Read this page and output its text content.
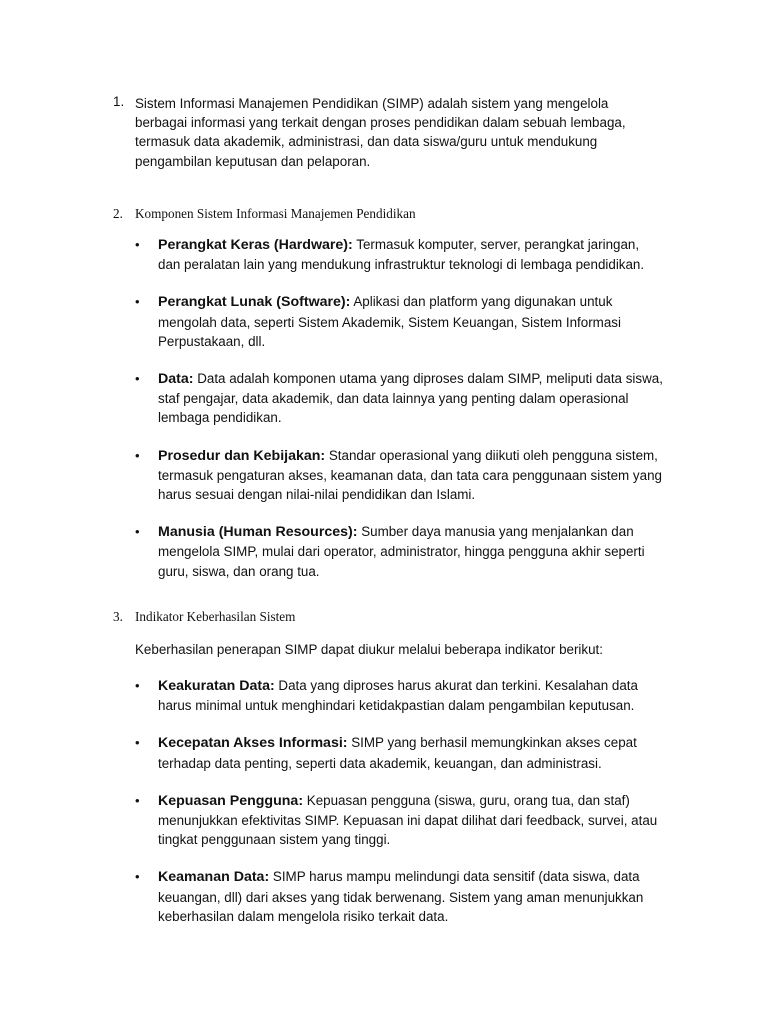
1. Sistem Informasi Manajemen Pendidikan (SIMP) adalah sistem yang mengelola berbagai informasi yang terkait dengan proses pendidikan dalam sebuah lembaga, termasuk data akademik, administrasi, dan data siswa/guru untuk mendukung pengambilan keputusan dan pelaporan.
2. Komponen Sistem Informasi Manajemen Pendidikan
• Perangkat Keras (Hardware): Termasuk komputer, server, perangkat jaringan, dan peralatan lain yang mendukung infrastruktur teknologi di lembaga pendidikan.
• Perangkat Lunak (Software): Aplikasi dan platform yang digunakan untuk mengolah data, seperti Sistem Akademik, Sistem Keuangan, Sistem Informasi Perpustakaan, dll.
• Data: Data adalah komponen utama yang diproses dalam SIMP, meliputi data siswa, staf pengajar, data akademik, dan data lainnya yang penting dalam operasional lembaga pendidikan.
• Prosedur dan Kebijakan: Standar operasional yang diikuti oleh pengguna sistem, termasuk pengaturan akses, keamanan data, dan tata cara penggunaan sistem yang harus sesuai dengan nilai-nilai pendidikan dan Islami.
• Manusia (Human Resources): Sumber daya manusia yang menjalankan dan mengelola SIMP, mulai dari operator, administrator, hingga pengguna akhir seperti guru, siswa, dan orang tua.
3. Indikator Keberhasilan Sistem
Keberhasilan penerapan SIMP dapat diukur melalui beberapa indikator berikut:
• Keakuratan Data: Data yang diproses harus akurat dan terkini. Kesalahan data harus minimal untuk menghindari ketidakpastian dalam pengambilan keputusan.
• Kecepatan Akses Informasi: SIMP yang berhasil memungkinkan akses cepat terhadap data penting, seperti data akademik, keuangan, dan administrasi.
• Kepuasan Pengguna: Kepuasan pengguna (siswa, guru, orang tua, dan staf) menunjukkan efektivitas SIMP. Kepuasan ini dapat dilihat dari feedback, survei, atau tingkat penggunaan sistem yang tinggi.
• Keamanan Data: SIMP harus mampu melindungi data sensitif (data siswa, data keuangan, dll) dari akses yang tidak berwenang. Sistem yang aman menunjukkan keberhasilan dalam mengelola risiko terkait data.
